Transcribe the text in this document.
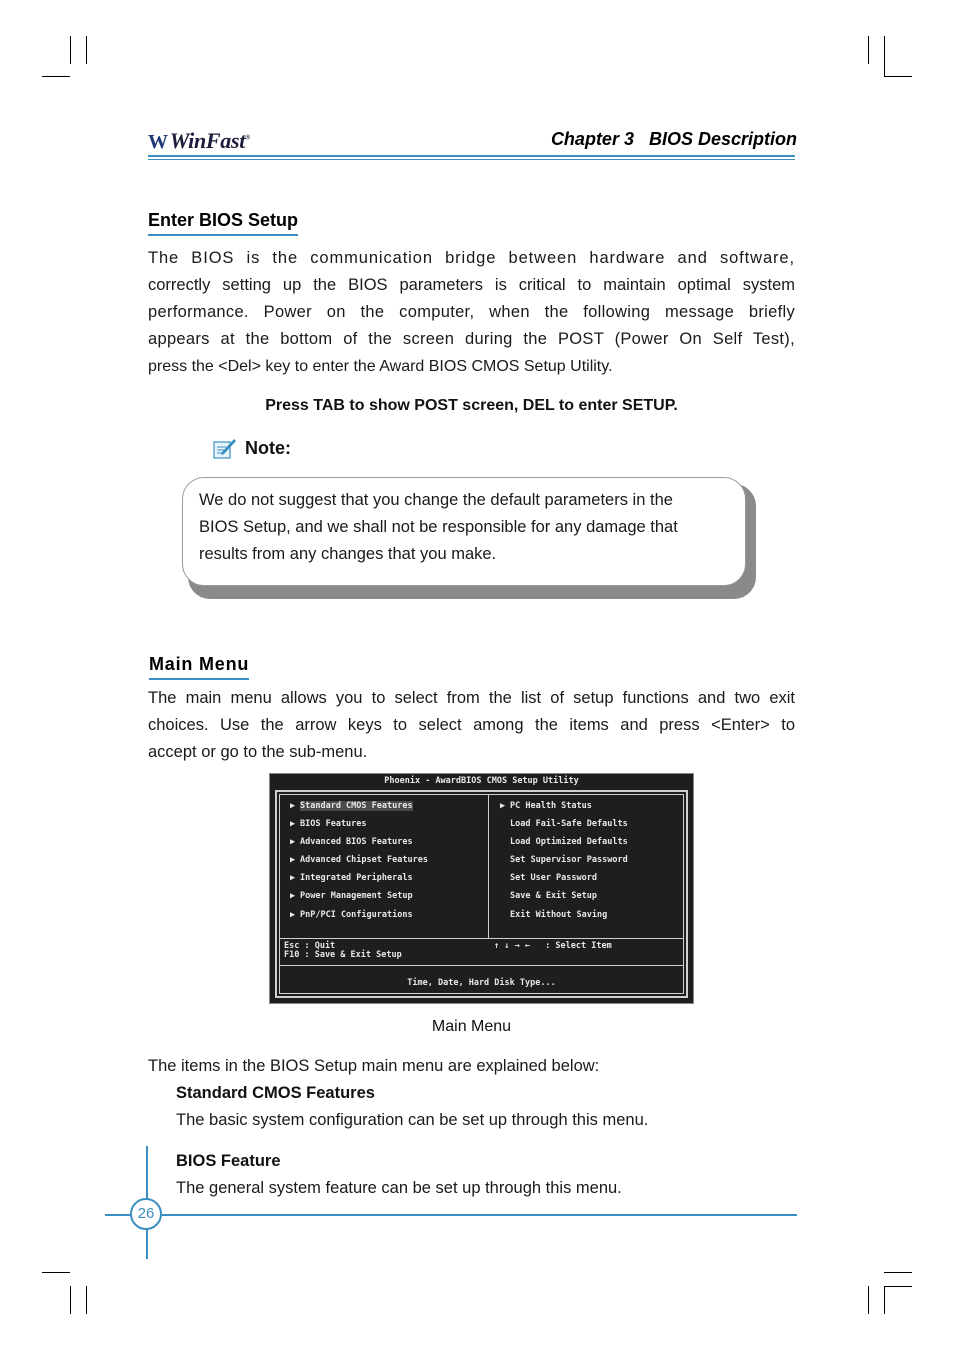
WWinFast®	Chapter 3   BIOS Description
Enter BIOS Setup
The BIOS is the communication bridge between hardware and software,
correctly setting up the BIOS parameters is critical to maintain optimal system
performance. Power on the computer, when the following message briefly
appears at the bottom of the screen during the POST (Power On Self Test),
press the <Del> key to enter the Award BIOS CMOS Setup Utility.
Press TAB to show POST screen, DEL to enter SETUP.
Note:
We do not suggest that you change the default parameters in the
BIOS Setup, and we shall not be responsible for any damage that
results from any changes that you make.
Main Menu
The main menu allows you to select from the list of setup functions and two exit
choices. Use the arrow keys to select among the items and press <Enter> to
accept or go to the sub-menu.
Phoenix - AwardBIOS CMOS Setup Utility
▶ Standard CMOS Features
▶ BIOS Features
▶ Advanced BIOS Features
▶ Advanced Chipset Features
▶ Integrated Peripherals
▶ Power Management Setup
▶ PnP/PCI Configurations
▶ PC Health Status
Load Fail-Safe Defaults
Load Optimized Defaults
Set Supervisor Password
Set User Password
Save & Exit Setup
Exit Without Saving
Esc : Quit
F10 : Save & Exit Setup
↑ ↓ → ←   : Select Item
Time, Date, Hard Disk Type...
Main Menu
The items in the BIOS Setup main menu are explained below:
Standard CMOS Features
The basic system configuration can be set up through this menu.
BIOS Feature
The general system feature can be set up through this menu.
26
